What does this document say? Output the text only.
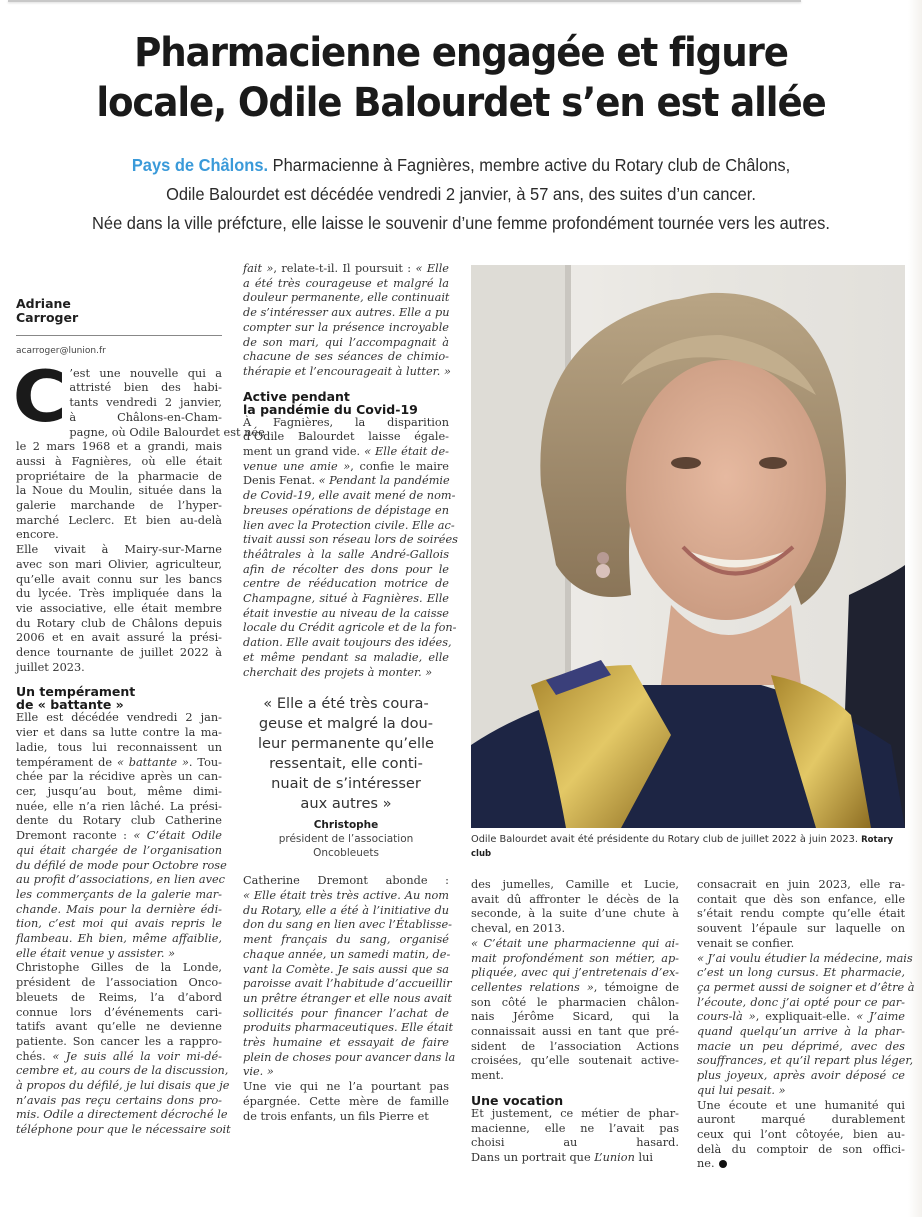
Pharmacienne engagée et figure
locale, Odile Balourdet s’en est allée
Pays de Châlons. Pharmacienne à Fagnières, membre active du Rotary club de Châlons,
Odile Balourdet est décédée vendredi 2 janvier, à 57 ans, des suites d’un cancer.
Née dans la ville préfcture, elle laisse le souvenir d’une femme profondément tournée vers les autres.

Adriane

Carroger

acarroger@lunion.fr
C ’est une nouvelle qui a
attristé bien des habi-
tants vendredi 2 janvier,
à Châlons-en-Cham-
pagne, où Odile Balourdet est née
le 2 mars 1968 et a grandi, mais
aussi à Fagnières, où elle était
propriétaire de la pharmacie de
la Noue du Moulin, située dans la
galerie marchande de l’hyper-
marché Leclerc. Et bien au-delà
encore.
Elle vivait à Mairy-sur-Marne
avec son mari Olivier, agriculteur,
qu’elle avait connu sur les bancs
du lycée. Très impliquée dans la
vie associative, elle était membre
du Rotary club de Châlons depuis
2006 et en avait assuré la prési-
dence tournante de juillet 2022 à
juillet 2023.

Un tempérament
de « battante »

Elle est décédée vendredi 2 jan-
vier et dans sa lutte contre la ma-
ladie, tous lui reconnaissent un
tempérament de « battante ». Tou-
chée par la récidive après un can-
cer, jusqu’au bout, même dimi-
nuée, elle n’a rien lâché. La prési-
dente du Rotary club Catherine
Dremont raconte : « C’était Odile
qui était chargée de l’organisation
du défilé de mode pour Octobre rose
au profit d’associations, en lien avec
les commerçants de la galerie mar-
chande. Mais pour la dernière édi-
tion, c’est moi qui avais repris le
flambeau. Eh bien, même affaiblie,
elle était venue y assister. »
Christophe Gilles de la Londe,
président de l’association Onco-
bleuets de Reims, l’a d’abord
connue lors d’événements cari-
tatifs avant qu’elle ne devienne
patiente. Son cancer les a rappro-
chés. « Je suis allé la voir mi-dé-
cembre et, au cours de la discussion,
à propos du défilé, je lui disais que je
n’avais pas reçu certains dons pro-
mis. Odile a directement décroché le
téléphone pour que le nécessaire soit
fait », relate-t-il. Il poursuit : « Elle
a été très courageuse et malgré la
douleur permanente, elle continuait
de s’intéresser aux autres. Elle a pu
compter sur la présence incroyable
de son mari, qui l’accompagnait à
chacune de ses séances de chimio-
thérapie et l’encourageait à lutter. »

Active pendant
la pandémie du Covid-19

À Fagnières, la disparition
d’Odile Balourdet laisse égale-
ment un grand vide. « Elle était de-
venue une amie », confie le maire
Denis Fenat. « Pendant la pandémie
de Covid-19, elle avait mené de nom-
breuses opérations de dépistage en
lien avec la Protection civile. Elle ac-
tivait aussi son réseau lors de soirées
théâtrales à la salle André-Gallois
afin de récolter des dons pour le
centre de rééducation motrice de
Champagne, situé à Fagnières. Elle
était investie au niveau de la caisse
locale du Crédit agricole et de la fon-
dation. Elle avait toujours des idées,
et même pendant sa maladie, elle
cherchait des projets à monter. »
« Elle a été très coura-
geuse et malgré la dou-
leur permanente qu’elle
ressentait, elle conti-
nuait de s’intéresser
aux autres »
Christophe
président de l’association
Oncobleuets
Catherine Dremont abonde :
« Elle était très très active. Au nom
du Rotary, elle a été à l’initiative du
don du sang en lien avec l’Établisse-
ment français du sang, organisé
chaque année, un samedi matin, de-
vant la Comète. Je sais aussi que sa
paroisse avait l’habitude d’accueillir
un prêtre étranger et elle nous avait
sollicités pour financer l’achat de
produits pharmaceutiques. Elle était
très humaine et essayait de faire
plein de choses pour avancer dans la
vie. »
Une vie qui ne l’a pourtant pas
épargnée. Cette mère de famille
de trois enfants, un fils Pierre et
Odile Balourdet avait été présidente du Rotary club de juillet 2022 à juin 2023. Rotary club
des jumelles, Camille et Lucie,
avait dû affronter le décès de la
seconde, à la suite d’une chute à
cheval, en 2013.
« C’était une pharmacienne qui ai-
mait profondément son métier, ap-
pliquée, avec qui j’entretenais d’ex-
cellentes relations », témoigne de
son côté le pharmacien châlon-
nais Jérôme Sicard, qui la
connaissait aussi en tant que pré-
sident de l’association Actions
croisées, qu’elle soutenait active-
ment.

Une vocation

Et justement, ce métier de phar-
macienne, elle ne l’avait pas
choisi au hasard.
Dans un portrait que L’union lui
consacrait en juin 2023, elle ra-
contait que dès son enfance, elle
s’était rendu compte qu’elle était
souvent l’épaule sur laquelle on
venait se confier.
« J’ai voulu étudier la médecine, mais
c’est un long cursus. Et pharmacie,
ça permet aussi de soigner et d’être à
l’écoute, donc j’ai opté pour ce par-
cours-là », expliquait-elle. « J’aime
quand quelqu’un arrive à la phar-
macie un peu déprimé, avec des
souffrances, et qu’il repart plus léger,
plus joyeux, après avoir déposé ce
qui lui pesait. »
Une écoute et une humanité qui
auront marqué durablement
ceux qui l’ont côtoyée, bien au-
delà du comptoir de son offici-
ne.
